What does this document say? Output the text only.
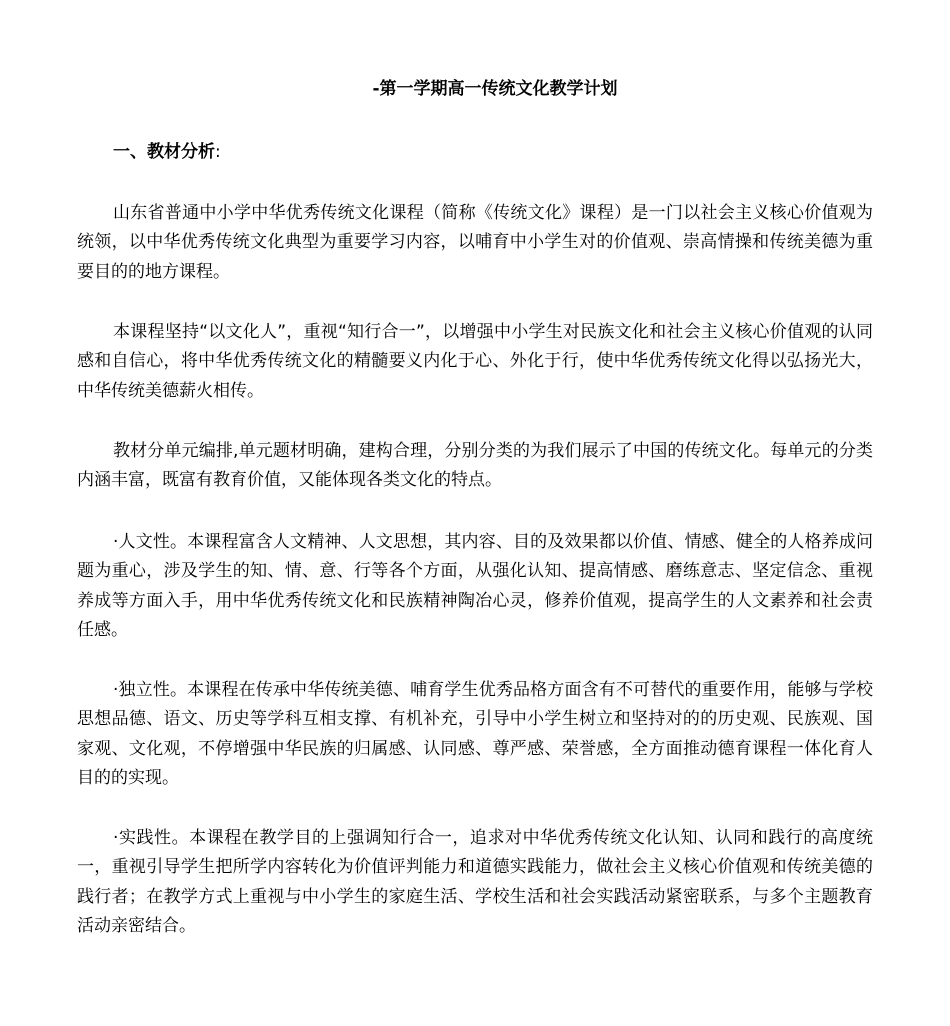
-第一学期高一传统文化教学计划
一、教材分析:

山东省普通中小学中华优秀传统文化课程（简称《传统文化》课程）是一门以社会主义核心价值观为统领，以中华优秀传统文化典型为重要学习内容，以哺育中小学生对的价值观、崇高情操和传统美德为重要目的的地方课程。

本课程坚持“以文化人”，重视“知行合一”，以增强中小学生对民族文化和社会主义核心价值观的认同感和自信心，将中华优秀传统文化的精髓要义内化于心、外化于行，使中华优秀传统文化得以弘扬光大，中华传统美德薪火相传。

教材分单元编排,单元题材明确，建构合理，分别分类的为我们展示了中国的传统文化。每单元的分类内涵丰富，既富有教育价值，又能体现各类文化的特点。

·人文性。本课程富含人文精神、人文思想，其内容、目的及效果都以价值、情感、健全的人格养成问题为重心，涉及学生的知、情、意、行等各个方面，从强化认知、提高情感、磨练意志、坚定信念、重视养成等方面入手，用中华优秀传统文化和民族精神陶冶心灵，修养价值观，提高学生的人文素养和社会责任感。

·独立性。本课程在传承中华传统美德、哺育学生优秀品格方面含有不可替代的重要作用，能够与学校思想品德、语文、历史等学科互相支撑、有机补充，引导中小学生树立和坚持对的的历史观、民族观、国家观、文化观，不停增强中华民族的归属感、认同感、尊严感、荣誉感，全方面推动德育课程一体化育人目的的实现。

·实践性。本课程在教学目的上强调知行合一，追求对中华优秀传统文化认知、认同和践行的高度统一，重视引导学生把所学内容转化为价值评判能力和道德实践能力，做社会主义核心价值观和传统美德的践行者；在教学方式上重视与中小学生的家庭生活、学校生活和社会实践活动紧密联系，与多个主题教育活动亲密结合。
